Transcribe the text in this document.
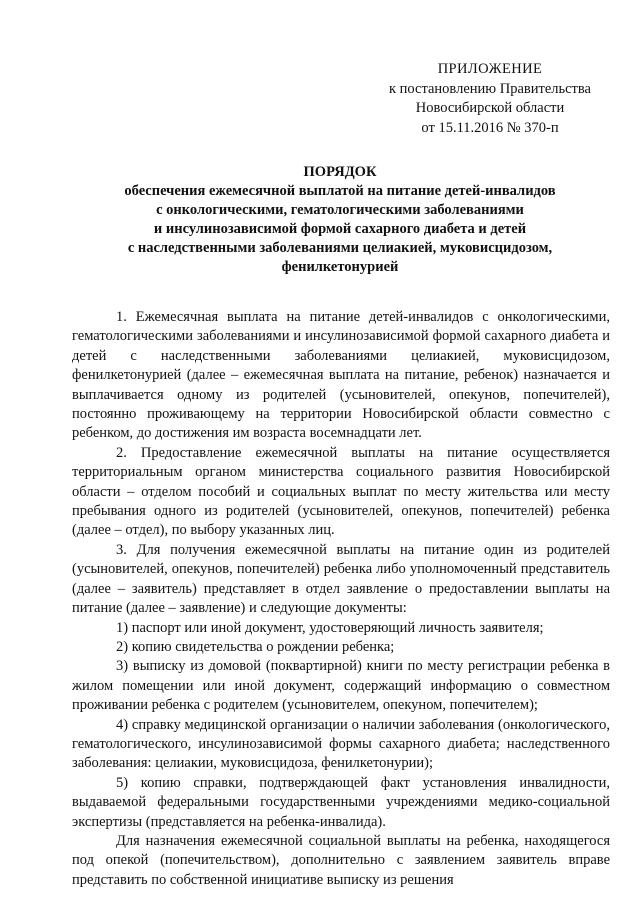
ПРИЛОЖЕНИЕ
к постановлению Правительства
Новосибирской области
от 15.11.2016 № 370-п
ПОРЯДОК
обеспечения ежемесячной выплатой на питание детей-инвалидов
с онкологическими, гематологическими заболеваниями
и инсулинозависимой формой сахарного диабета и детей
с наследственными заболеваниями целиакией, муковисцидозом,
фенилкетонурией

1. Ежемесячная выплата на питание детей-инвалидов с онкологическими, гематологическими заболеваниями и инсулинозависимой формой сахарного диабета и детей с наследственными заболеваниями целиакией, муковисцидозом, фенилкетонурией (далее – ежемесячная выплата на питание, ребенок) назначается и выплачивается одному из родителей (усыновителей, опекунов, попечителей), постоянно проживающему на территории Новосибирской области совместно с ребенком, до достижения им возраста восемнадцати лет.

2. Предоставление ежемесячной выплаты на питание осуществляется территориальным органом министерства социального развития Новосибирской области – отделом пособий и социальных выплат по месту жительства или месту пребывания одного из родителей (усыновителей, опекунов, попечителей) ребенка (далее – отдел), по выбору указанных лиц.

3. Для получения ежемесячной выплаты на питание один из родителей (усыновителей, опекунов, попечителей) ребенка либо уполномоченный представитель (далее – заявитель) представляет в отдел заявление о предоставлении выплаты на питание (далее – заявление) и следующие документы:

1) паспорт или иной документ, удостоверяющий личность заявителя;

2) копию свидетельства о рождении ребенка;

3) выписку из домовой (поквартирной) книги по месту регистрации ребенка в жилом помещении или иной документ, содержащий информацию о совместном проживании ребенка с родителем (усыновителем, опекуном, попечителем);

4) справку медицинской организации о наличии заболевания (онкологического, гематологического, инсулинозависимой формы сахарного диабета; наследственного заболевания: целиакии, муковисцидоза, фенилкетонурии);

5) копию справки, подтверждающей факт установления инвалидности, выдаваемой федеральными государственными учреждениями медико-социальной экспертизы (представляется на ребенка-инвалида).

Для назначения ежемесячной социальной выплаты на ребенка, находящегося под опекой (попечительством), дополнительно с заявлением заявитель вправе представить по собственной инициативе выписку из решения
